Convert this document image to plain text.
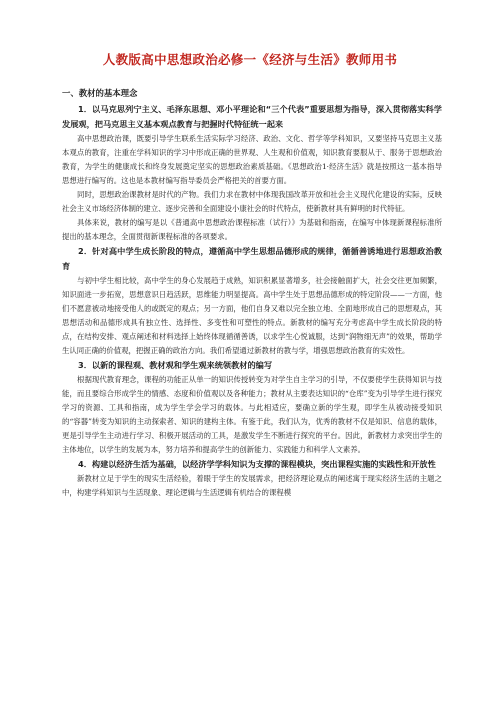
人教版高中思想政治必修一《经济与生活》教师用书

一、教材的基本理念

1．以马克思列宁主义、毛泽东思想、邓小平理论和“三个代表”重要思想为指导，深入贯彻落实科学发展观，把马克思主义基本观点教育与把握时代特征统一起来

高中思想政治课，既要引导学生联系生活实际学习经济、政治、文化、哲学等学科知识，又要坚持马克思主义基本观点的教育，注重在学科知识的学习中形成正确的世界观、人生观和价值观，知识教育要服从于、服务于思想政治教育，为学生的健康成长和终身发展奠定坚实的思想政治素质基础。《思想政治1·经济生活》就是按照这一基本指导思想进行编写的。这也是本教材编写指导委员会严格把关的首要方面。

同时，思想政治课教材是时代的产物。我们力求在教材中体现我国改革开放和社会主义现代化建设的实际，反映社会主义市场经济体制的建立、逐步完善和全面建设小康社会的时代特点，使新教材具有鲜明的时代特征。

具体来说，教材的编写是以《普通高中思想政治课程标准（试行）》为基础和指南，在编写中体现新课程标准所提出的基本理念，全面贯彻新课程标准的各项要求。

2．针对高中学生成长阶段的特点，遵循高中学生思想品德形成的规律，循循善诱地进行思想政治教育

与初中学生相比较，高中学生的身心发展趋于成熟，知识积累显著增多，社会接触面扩大，社会交往更加频繁，知识面进一步拓宽，思想意识日趋活跃，思维能力明显提高。高中学生处于思想品德形成的特定阶段——一方面，他们不愿意被动地接受他人的或既定的观点；另一方面，他们自身又难以完全独立地、全面地形成自己的思想观点，其思想活动和品德形成具有独立性、选择性、多变性和可塑性的特点。新教材的编写充分考虑高中学生成长阶段的特点，在结构安排、观点阐述和材料选择上始终体现循循善诱，以求学生心悦诚服，达到“润物细无声”的效果，帮助学生认同正确的价值观，把握正确的政治方向。我们希望通过新教材的教与学，增强思想政治教育的实效性。

3．以新的课程观、教材观和学生观来统领教材的编写

根据现代教育理念，课程的功能正从单一的知识传授转变为对学生自主学习的引导，不仅要使学生获得知识与技能，而且要综合形成学生的情感、态度和价值观以及各种能力；教材从主要表达知识的“仓库”变为引导学生进行探究学习的资源、工具和指南，成为学生学会学习的载体。与此相适应，要确立新的学生观，即学生从被动接受知识的“容器”转变为知识的主动探索者、知识的建构主体。有鉴于此，我们认为，优秀的教材不仅是知识、信息的载体，更是引导学生主动进行学习、积极开展活动的工具，是激发学生不断进行探究的平台。因此，新教材力求突出学生的主体地位，以学生的发展为本，努力培养和提高学生的创新能力、实践能力和科学人文素养。

4．构建以经济生活为基础，以经济学学科知识为支撑的课程模块，突出课程实施的实践性和开放性

新教材立足于学生的现实生活经验，着眼于学生的发展需求，把经济理论观点的阐述寓于现实经济生活的主题之中，构建学科知识与生活现象、理论逻辑与生活逻辑有机结合的课程模
